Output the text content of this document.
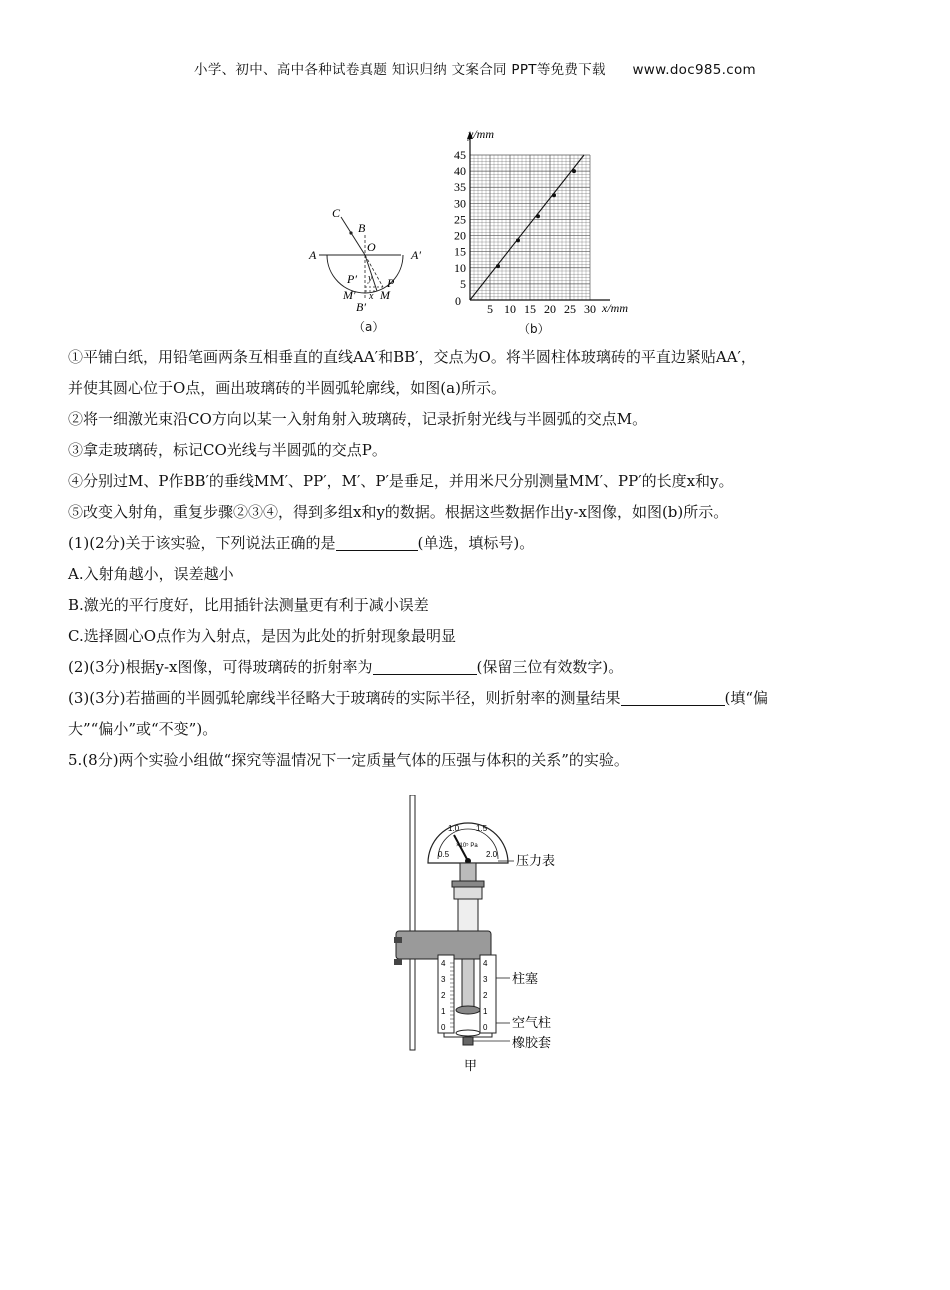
小学、初中、高中各种试卷真题 知识归纳 文案合同 PPT等免费下载 www.doc985.com
C
B
O
A	A′
P′ y P
M′ x M
B′
（a）
5
10
15
20
25
30
35
40
45
5 10 15 20 25 30
y/mm
x/mm
0
（b）
①平铺白纸，用铅笔画两条互相垂直的直线AA′和BB′，交点为O。将半圆柱体玻璃砖的平直边紧贴AA′，
并使其圆心位于O点，画出玻璃砖的半圆弧轮廓线，如图(a)所示。
②将一细激光束沿CO方向以某一入射角射入玻璃砖，记录折射光线与半圆弧的交点M。
③拿走玻璃砖，标记CO光线与半圆弧的交点P。
④分别过M、P作BB′的垂线MM′、PP′，M′、P′是垂足，并用米尺分别测量MM′、PP′的长度x和y。
⑤改变入射角，重复步骤②③④，得到多组x和y的数据。根据这些数据作出y-x图像，如图(b)所示。
(1)(2分)关于该实验，下列说法正确的是	(单选，填标号)。
A.入射角越小，误差越小
B.激光的平行度好，比用插针法测量更有利于减小误差
C.选择圆心O点作为入射点，是因为此处的折射现象最明显
(2)(3分)根据y-x图像，可得玻璃砖的折射率为	(保留三位有效数字)。
(3)(3分)若描画的半圆弧轮廓线半径略大于玻璃砖的实际半径，则折射率的测量结果	(填“偏
大”“偏小”或“不变”)。
5.(8分)两个实验小组做“探究等温情况下一定质量气体的压强与体积的关系”的实验。
0.5
1.0 1.5
2.0
×10⁵ Pa
4
3
2
1
0
4
3
2
1
0
压力表
柱塞
空气柱
橡胶套
甲
